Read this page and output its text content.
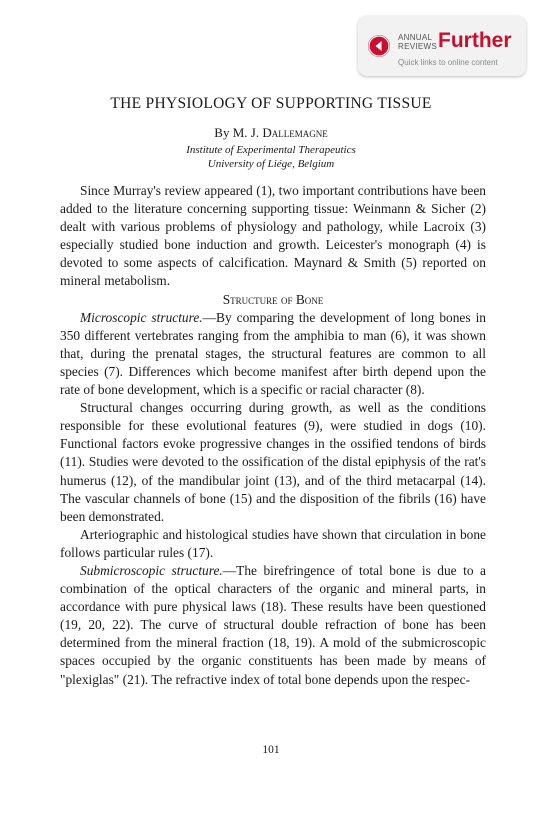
ANNUAL
REVIEWS Further
Quick links to online content
THE PHYSIOLOGY OF SUPPORTING TISSUE
By M. J. Dallemagne
Institute of Experimental Therapeutics
University of Liége, Belgium

Since Murray's review appeared (1), two important contributions have been added to the literature concerning supporting tissue: Weinmann & Sicher (2) dealt with various problems of physiology and pathology, while Lacroix (3) especially studied bone induction and growth. Leicester's monograph (4) is devoted to some aspects of calcification. Maynard & Smith (5) reported on mineral metabolism.

Structure of Bone

Microscopic structure.—By comparing the development of long bones in 350 different vertebrates ranging from the amphibia to man (6), it was shown that, during the prenatal stages, the structural features are common to all species (7). Differences which become manifest after birth depend upon the rate of bone development, which is a specific or racial character (8).

Structural changes occurring during growth, as well as the conditions responsible for these evolutional features (9), were studied in dogs (10). Functional factors evoke progressive changes in the ossified tendons of birds (11). Studies were devoted to the ossification of the distal epiphysis of the rat's humerus (12), of the mandibular joint (13), and of the third metacarpal (14). The vascular channels of bone (15) and the disposition of the fibrils (16) have been demonstrated.

Arteriographic and histological studies have shown that circulation in bone follows particular rules (17).

Submicroscopic structure.—The birefringence of total bone is due to a combination of the optical characters of the organic and mineral parts, in accordance with pure physical laws (18). These results have been questioned (19, 20, 22). The curve of structural double refraction of bone has been determined from the mineral fraction (18, 19). A mold of the submicroscopic spaces occupied by the organic constituents has been made by means of "plexiglas" (21). The refractive index of total bone depends upon the respec-

101
